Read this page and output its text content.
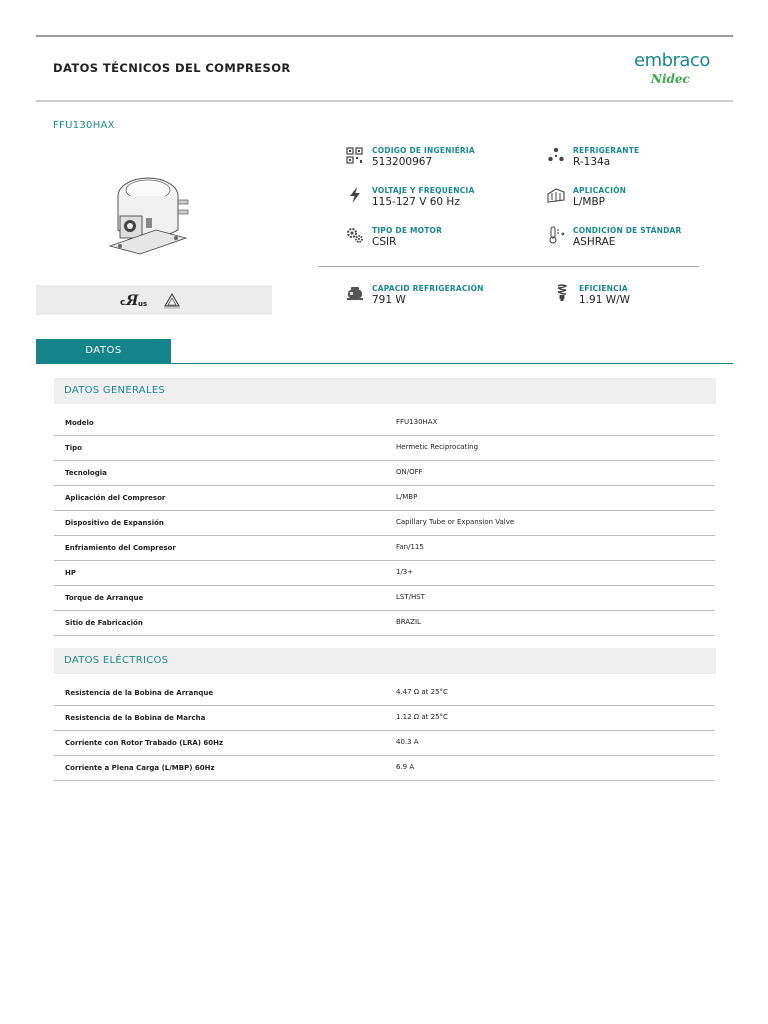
DATOS TÉCNICOS DEL COMPRESOR	embraco
Nidec
FFU130HAX
c Я us
CÓDIGO DE INGENIÉRIA
513200967
REFRIGERANTE
R-134a
VOLTAJE Y FREQUENCIA
115-127 V 60 Hz
APLICACIÓN
L/MBP
TIPO DE MOTOR
CSIR
CONDICIÓN DE STÁNDAR
ASHRAE
CAPACID REFRIGERACIÓN
791 W
EFICIENCIA
1.91 W/W
DATOS
DATOS GENERALES
Modelo	FFU130HAX
Tipo	Hermetic Reciprocating
Tecnologia	ON/OFF
Aplicación del Compresor	L/MBP
Dispositivo de Expansión	Capillary Tube or Expansion Valve
Enfriamiento del Compresor	Fan/115
HP	1/3+
Torque de Arranque	LST/HST
Sitio de Fabricación	BRAZIL
DATOS ELÉCTRICOS
Resistencia de la Bobina de Arranque	4.47 Ω at 25°C
Resistencia de la Bobina de Marcha	1.12 Ω at 25°C
Corriente con Rotor Trabado (LRA) 60Hz	40.3 A
Corriente a Plena Carga (L/MBP) 60Hz	6.9 A
